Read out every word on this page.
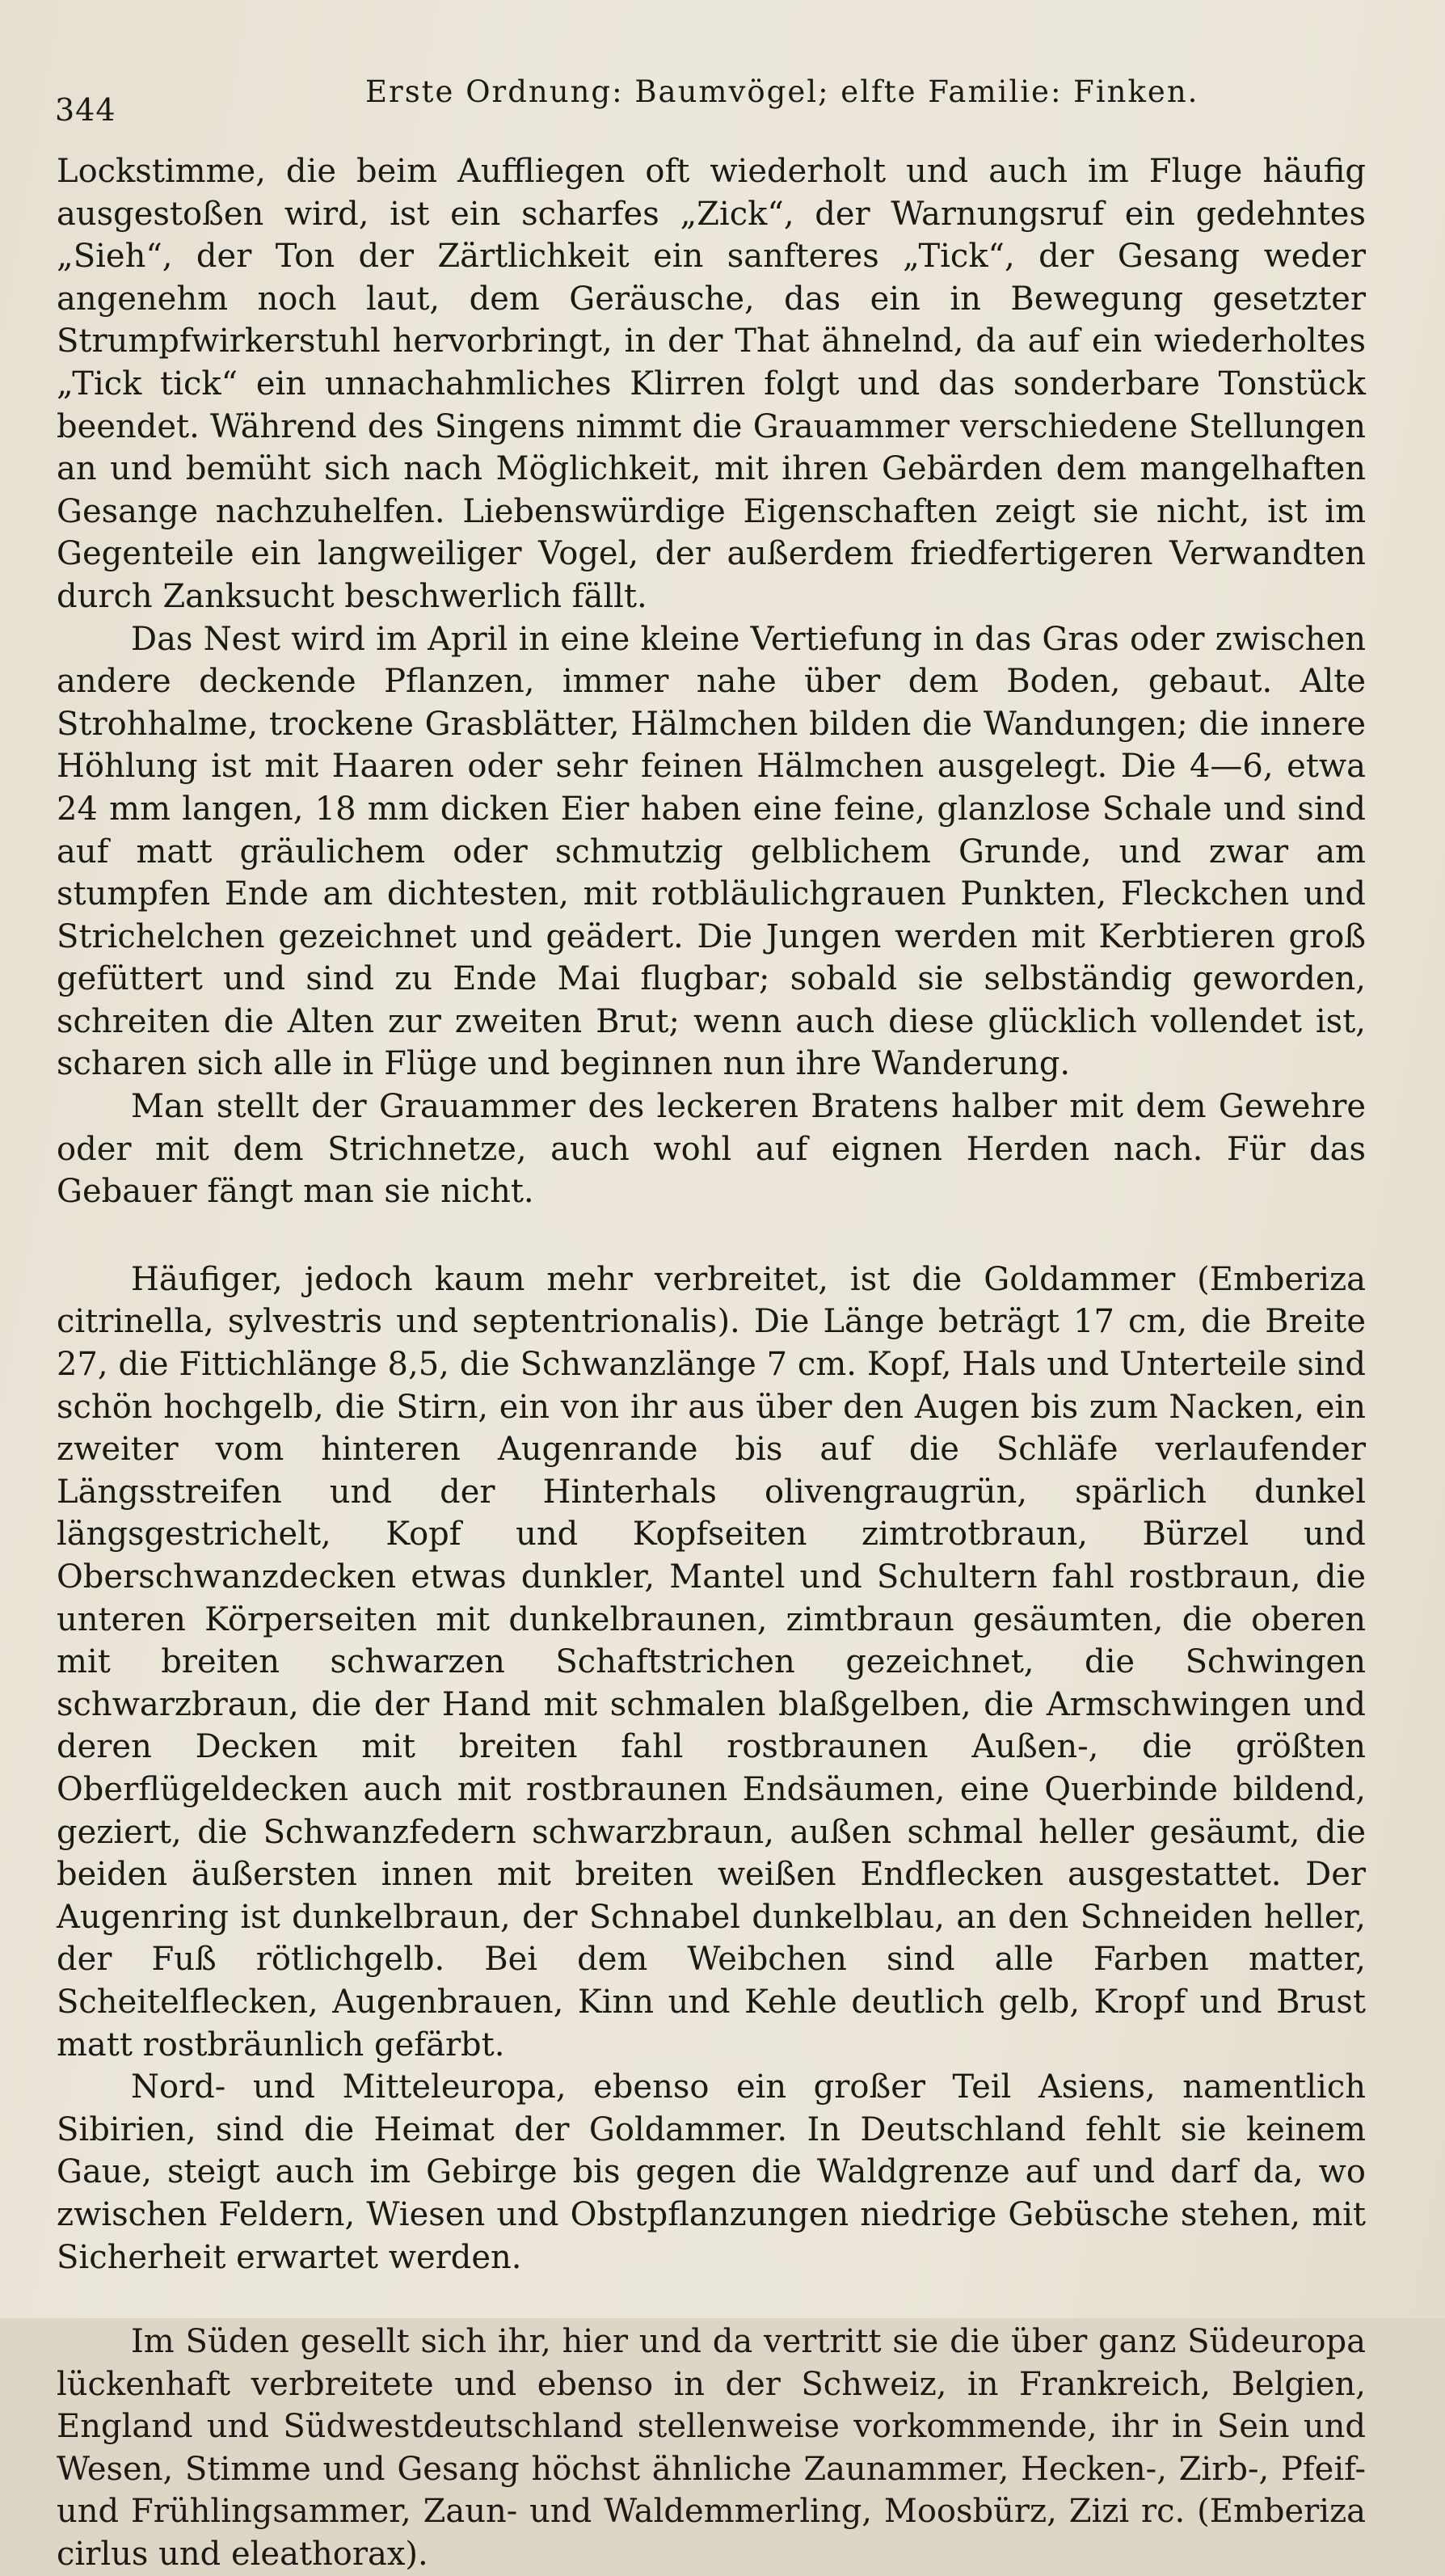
344
Erste Ordnung: Baumvögel; elfte Familie: Finken.

Lockstimme, die beim Auffliegen oft wiederholt und auch im Fluge häufig ausgestoßen wird, ist ein scharfes „Zick“, der Warnungsruf ein gedehntes „Sieh“, der Ton der Zärtlichkeit ein sanfteres „Tick“, der Gesang weder angenehm noch laut, dem Geräusche, das ein in Bewegung gesetzter Strumpfwirkerstuhl hervorbringt, in der That ähnelnd, da auf ein wiederholtes „Tick tick“ ein unnachahmliches Klirren folgt und das sonderbare Tonstück beendet. Während des Singens nimmt die Grauammer verschiedene Stellungen an und bemüht sich nach Möglichkeit, mit ihren Gebärden dem mangelhaften Gesange nachzuhelfen. Liebenswürdige Eigenschaften zeigt sie nicht, ist im Gegenteile ein langweiliger Vogel, der außerdem friedfertigeren Verwandten durch Zanksucht beschwerlich fällt.

Das Nest wird im April in eine kleine Vertiefung in das Gras oder zwischen andere deckende Pflanzen, immer nahe über dem Boden, gebaut. Alte Strohhalme, trockene Grasblätter, Hälmchen bilden die Wandungen; die innere Höhlung ist mit Haaren oder sehr feinen Hälmchen ausgelegt. Die 4—6, etwa 24 mm langen, 18 mm dicken Eier haben eine feine, glanzlose Schale und sind auf matt gräulichem oder schmutzig gelblichem Grunde, und zwar am stumpfen Ende am dichtesten, mit rotbläulichgrauen Punkten, Fleckchen und Strichelchen gezeichnet und geädert. Die Jungen werden mit Kerbtieren groß gefüttert und sind zu Ende Mai flugbar; sobald sie selbständig geworden, schreiten die Alten zur zweiten Brut; wenn auch diese glücklich vollendet ist, scharen sich alle in Flüge und beginnen nun ihre Wanderung.

Man stellt der Grauammer des leckeren Bratens halber mit dem Gewehre oder mit dem Strichnetze, auch wohl auf eignen Herden nach. Für das Gebauer fängt man sie nicht.

Häufiger, jedoch kaum mehr verbreitet, ist die Goldammer (Emberiza citrinella, sylvestris und septentrionalis). Die Länge beträgt 17 cm, die Breite 27, die Fittichlänge 8,5, die Schwanzlänge 7 cm. Kopf, Hals und Unterteile sind schön hochgelb, die Stirn, ein von ihr aus über den Augen bis zum Nacken, ein zweiter vom hinteren Augenrande bis auf die Schläfe verlaufender Längsstreifen und der Hinterhals olivengraugrün, spärlich dunkel längsgestrichelt, Kopf und Kopfseiten zimtrotbraun, Bürzel und Oberschwanzdecken etwas dunkler, Mantel und Schultern fahl rostbraun, die unteren Körperseiten mit dunkelbraunen, zimtbraun gesäumten, die oberen mit breiten schwarzen Schaftstrichen gezeichnet, die Schwingen schwarzbraun, die der Hand mit schmalen blaßgelben, die Armschwingen und deren Decken mit breiten fahl rostbraunen Außen-, die größten Oberflügeldecken auch mit rostbraunen Endsäumen, eine Querbinde bildend, geziert, die Schwanzfedern schwarzbraun, außen schmal heller gesäumt, die beiden äußersten innen mit breiten weißen Endflecken ausgestattet. Der Augenring ist dunkelbraun, der Schnabel dunkelblau, an den Schneiden heller, der Fuß rötlichgelb. Bei dem Weibchen sind alle Farben matter, Scheitelflecken, Augenbrauen, Kinn und Kehle deutlich gelb, Kropf und Brust matt rostbräunlich gefärbt.

Nord- und Mitteleuropa, ebenso ein großer Teil Asiens, namentlich Sibirien, sind die Heimat der Goldammer. In Deutschland fehlt sie keinem Gaue, steigt auch im Gebirge bis gegen die Waldgrenze auf und darf da, wo zwischen Feldern, Wiesen und Obstpflanzungen niedrige Gebüsche stehen, mit Sicherheit erwartet werden.

Im Süden gesellt sich ihr, hier und da vertritt sie die über ganz Südeuropa lückenhaft verbreitete und ebenso in der Schweiz, in Frankreich, Belgien, England und Südwestdeutschland stellenweise vorkommende, ihr in Sein und Wesen, Stimme und Gesang höchst ähnliche Zaunammer, Hecken-, Zirb-, Pfeif- und Frühlingsammer, Zaun- und Waldemmerling, Moosbürz, Zizi rc. (Emberiza cirlus und eleathorax).
